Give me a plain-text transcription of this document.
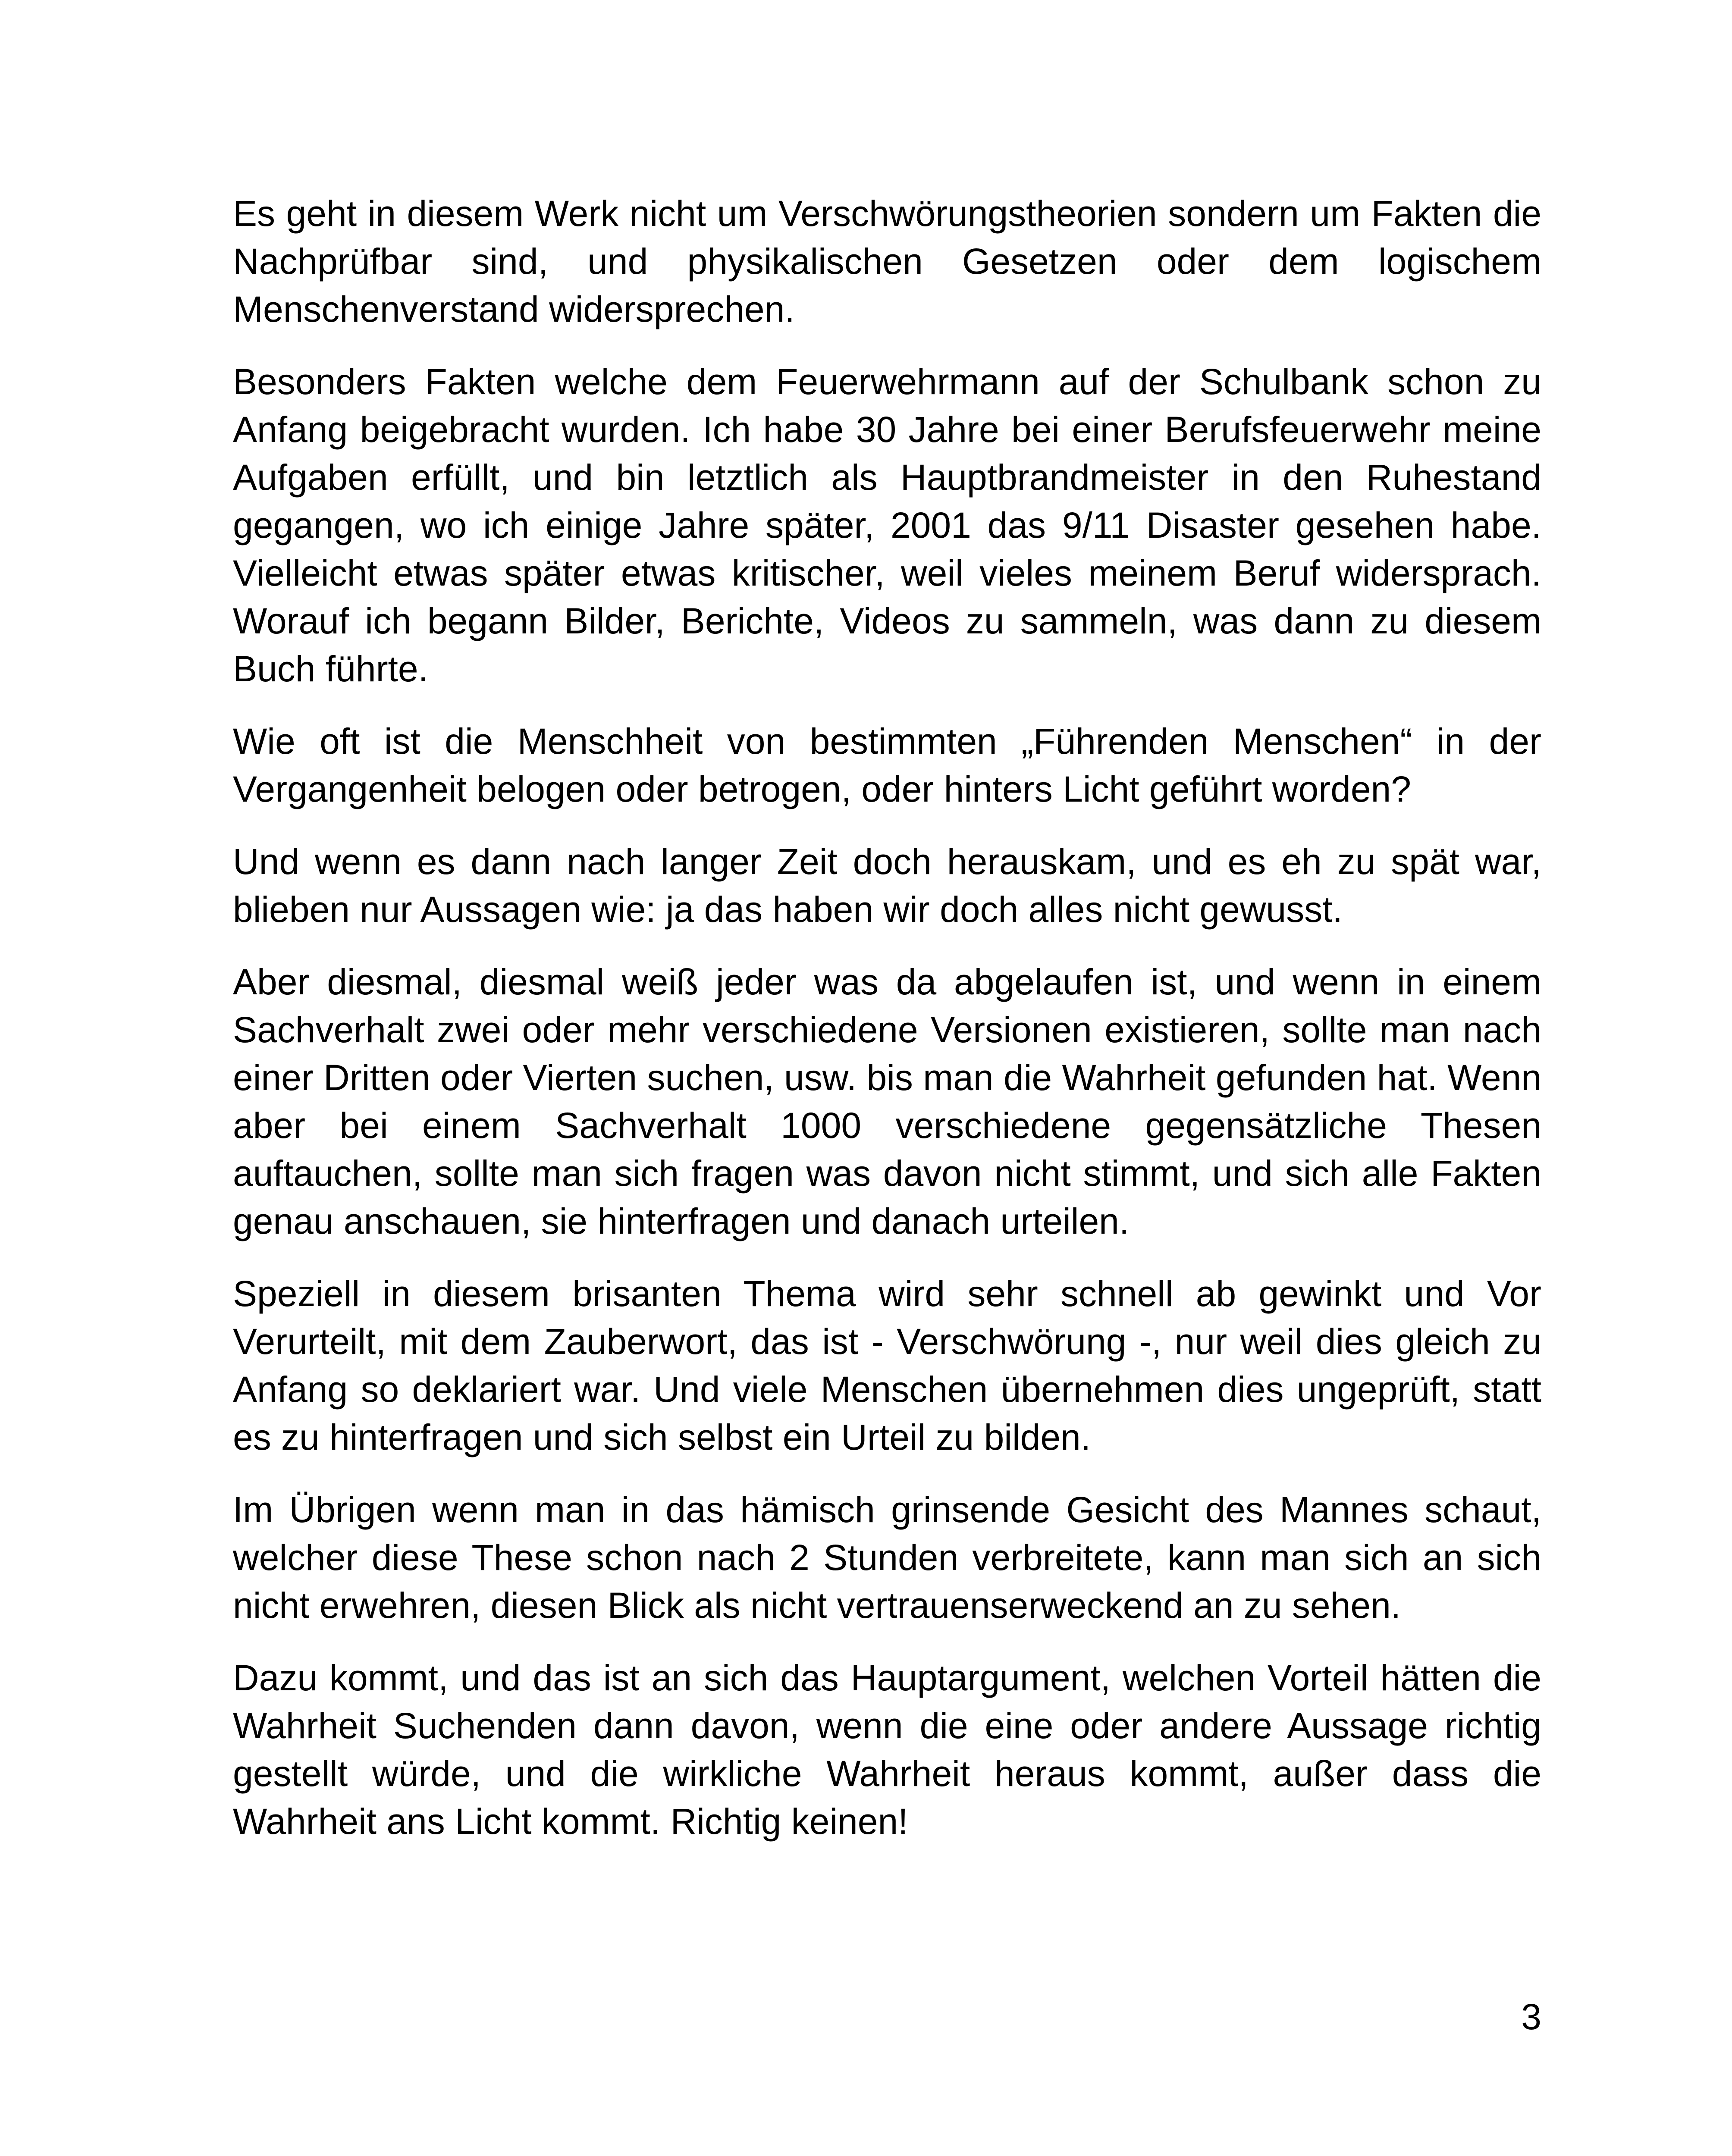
Es geht in diesem Werk nicht um Verschwörungstheorien sondern um Fakten die Nachprüfbar sind, und physikalischen Gesetzen oder dem logischem Menschenverstand widersprechen.

Besonders Fakten welche dem Feuerwehrmann auf der Schulbank schon zu Anfang beigebracht wurden. Ich habe 30 Jahre bei einer Berufsfeuerwehr meine Aufgaben erfüllt, und bin letztlich als Hauptbrandmeister in den Ruhestand gegangen, wo ich einige Jahre später, 2001 das 9/11 Disaster gesehen habe. Vielleicht etwas später etwas kritischer, weil vieles meinem Beruf widersprach. Worauf ich begann Bilder, Berichte, Videos zu sammeln, was dann zu diesem Buch führte.

Wie oft ist die Menschheit von bestimmten „Führenden Menschen“ in der Vergangenheit belogen oder betrogen, oder hinters Licht geführt worden?

Und wenn es dann nach langer Zeit doch herauskam, und es eh zu spät war, blieben nur Aussagen wie: ja das haben wir doch alles nicht gewusst.

Aber diesmal, diesmal weiß jeder was da abgelaufen ist, und wenn in einem Sachverhalt zwei oder mehr verschiedene Versionen existieren, sollte man nach einer Dritten oder Vierten suchen, usw. bis man die Wahrheit gefunden hat. Wenn aber bei einem Sachverhalt 1000 verschiedene gegensätzliche Thesen auftauchen, sollte man sich fragen was davon nicht stimmt, und sich alle Fakten genau anschauen, sie hinterfragen und danach urteilen.

Speziell in diesem brisanten Thema wird sehr schnell ab gewinkt und Vor Verurteilt, mit dem Zauberwort, das ist - Verschwörung -, nur weil dies gleich zu Anfang so deklariert war. Und viele Menschen übernehmen dies ungeprüft, statt es zu hinterfragen und sich selbst ein Urteil zu bilden.

Im Übrigen wenn man in das hämisch grinsende Gesicht des Mannes schaut, welcher diese These schon nach 2 Stunden verbreitete, kann man sich an sich nicht erwehren, diesen Blick als nicht vertrauenserweckend an zu sehen.

Dazu kommt, und das ist an sich das Hauptargument, welchen Vorteil hätten die Wahrheit Suchenden dann davon, wenn die eine oder andere Aussage richtig gestellt würde, und die wirkliche Wahrheit heraus kommt, außer dass die Wahrheit ans Licht kommt. Richtig keinen!

3
